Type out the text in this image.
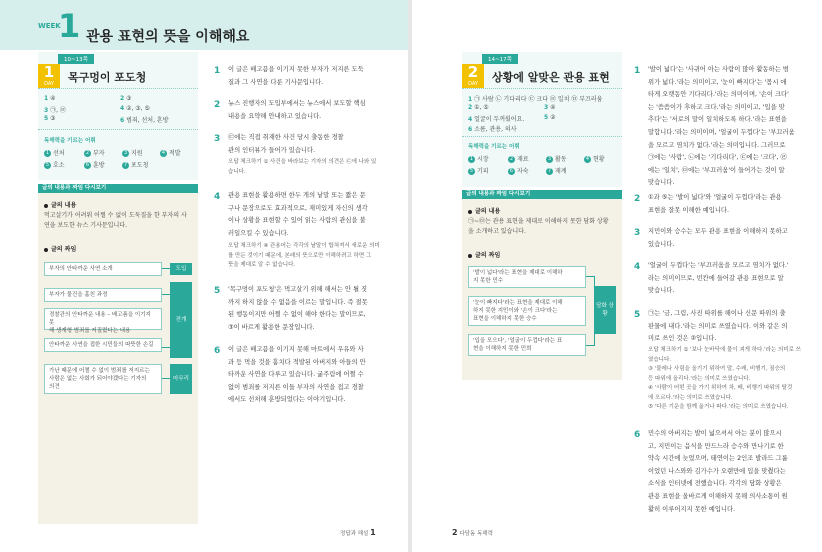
WEEK
1 관용 표현의 뜻을 이해해요
10~13쪽
1
DAY	목구멍이 포도청
1 ④	2 ③
3 ㉠, ㉣	4 ②, ③, ⑤
5 ③	6 범죄, 선처, 혼방
독해력을 기르는 어휘
1 선처	2 부자	3 지원	4 적발
5 호소	6 훈방	7 포도청
글의 내용과 짜임 다시보기
글의 내용
먹고살기가 어려워 어쩔 수 없이 도둑질을 한 부자의 사
연을 보도한 뉴스 기사문입니다.
글의 짜임
부자의 안타까운 사연 소개	도입
부자가 물건을 훔친 과정
경찰관의 안타까운 내용 – 배고픔을 이기지 못
해 생계형 범죄를 저질렀다는 내용
안타까운 사연을 접한 시민들의 따뜻한 손길
전개
가난 때문에 어쩔 수 없이 범죄를 저지르는
사람은 없는 사회가 되어야겠다는 기자의
의견
마무리
1 이 글은 배고픔을 이기지 못한 부자가 저지른 도둑
질과 그 사연을 다룬 기사문입니다.
2 뉴스 진행자의 도입부에서는 뉴스에서 보도할 핵심
내용을 요약해 안내하고 있습니다.
3 ㉢에는 직접 취재한 사건 당시 출동한 경찰
관의 인터뷰가 들어가 있습니다.
오답 체크하기 ① 사건을 바라보는 기자의 의견은 ㉢에 나와 있
습니다.
4 관용 표현을 활용하면 한두 개의 낱말 또는 짧은 문
구나 문장으로도 효과적으로, 재미있게 자신의 생각
이나 상황을 표현할 수 있어 읽는 사람의 관심을 불
러일으킬 수 있습니다.
오답 체크하기 ④ 관용어는 각각의 낱말이 합쳐져서 새로운 의미
를 만든 것이기 때문에, 본래의 뜻으로만 이해하려고 하면 그
뜻을 제대로 알 수 없습니다.
5 '목구멍이 포도청'은 먹고살기 위해 해서는 안 될 짓
까지 하지 않을 수 없음을 이르는 말입니다. 즉 절못
된 행동이지만 어쩔 수 없이 해야 한다는 말이므로,
③이 바르게 활용한 문장입니다.
6 이 글은 배고픔을 이기지 못해 마트에서 우유와 사
과 등 먹을 것을 훔치다 적발된 아버지와 아들의 안
타까운 사연을 다루고 있습니다. 굶주림에 어쩔 수
없이 범죄를 저지른 이들 부자의 사연을 접고 경찰
에서도 선처해 훈방되었다는 이야기입니다.
정답과 해설 1
14~17쪽
2
DAY	상황에 알맞은 관용 표현
1 ㉠ 사람 ㉡ 기다리다 ㉢ 크다 ㉣ 일치 ㉤ 부끄러움
2 ①, ⑤	3 ④
4 얼굴이 두꺼웠어요.	5 ②
6 소름, 관용, 의사
독해력을 기르는 어휘
1 시장	2 재료	3 활동	4 현황
5 기피	6 자숙	7 재계
글의 내용과 짜임 다시보기
글의 내용
㉠~㉤는 관용 표현을 제대로 이해하지 못한 담화 상황
을 소개하고 있습니다.
글의 짜임
'발이 넓다'라는 표현을 제대로 이해하
지 못한 민수
'눈이 빠지다'라는 표현을 제대로 이해
하지 못한 지민이와 '손이 크다'라는
표현을 이해하지 못한 승수
'입을 모으다', '얼굴이 두껍다'라는 표
현을 이해하지 못한 민희
담화 상황
1 '발이 넓다'는 '사귀어 아는 사람이 많아 활동하는 범
위가 넓다.'라는 의미이고, '눈이 빠지다'는 '몹시 애
타게 오랫동안 기다리다.'라는 의미이며, '손이 크다'
는 '씀씀이가 후하고 크다.'라는 의미이고, '입을 맞
추다'는 '서로의 말이 일치하도록 하다.'라는 표현을
말합니다.'라는 의미이며, '얼굴이 두껍다'는 '부끄러움
을 모르고 염치가 없다.'라는 의미입니다. 그러므로
㉠에는 '사람', ㉡에는 '기다리다', ㉢에는 '크다', ㉣
에는 '일치', ㉤에는 '부끄러움'이 들어가는 것이 알
맞습니다.
2 ①과 ⑤는 '발이 넓다'와 '얼굴이 두껍다'라는 관용
표현을 잘못 이해한 예입니다.
3 지민이와 승수는 모두 관용 표현을 이해하지 못하고
있습니다.
4 '얼굴이 두껍다'는 '부끄러움을 모르고 염치가 없다.'
라는 의미이므로, 빈칸에 들어갈 관용 표현으로 알
맞습니다.
5 ㉠는 '금, 그림, 사진 따위를 해이나 신문 따위의 출
판물에 내다.'라는 의미로 쓰였습니다. 이와 같은 의
미로 쓰인 것은 ②입니다.
오답 체크하기 ① '보나 눈바닥에 물이 괴게 하다.'라는 의미로 쓰
였습니다.
③ '물레나 사림을 올기기 위하여 말, 수레, 비행기, 짐승의
등 따위에 올리다.'라는 의미로 쓰였습니다.
④ '사람이 어떤 곳을 가기 위하여 차, 배, 비행기 따위의 탈것
에 오르다.'라는 의미로 쓰였습니다.
⑤ '다른 기운을 함께 옮거나 따다.'라는 의미로 쓰였습니다.
6 민수의 아버지는 발이 넓으셔서 아는 분이 많으시
고, 지민이는 음식을 만드느라 승수와 만나기로 한
약속 시간에 늦었으며, 태연이는 2인조 발라드 그룹
이었던 나스와와 김가수가 오랜만에 입을 맞췄다는
소식을 인터넷에 전했습니다. 각각의 담화 상황은
관용 표현을 올바르게 이해하지 못해 의사소통이 원
활히 이루어지지 못한 예입니다.
2 다담돔 독해력
